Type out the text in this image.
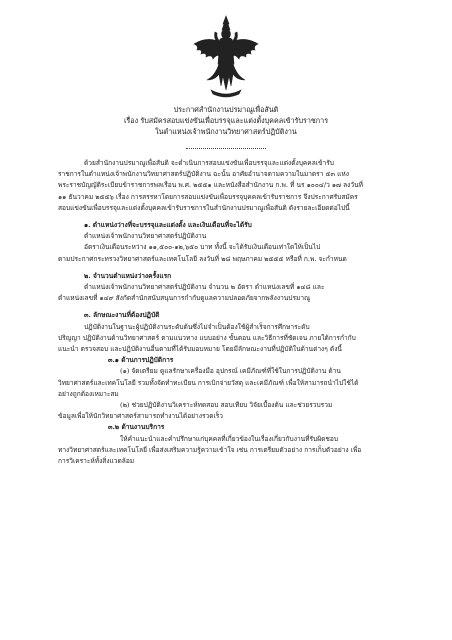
ประกาศสำนักงานปรมาณูเพื่อสันติ
เรื่อง รับสมัครสอบแข่งขันเพื่อบรรจุและแต่งตั้งบุคคลเข้ารับราชการ
ในตำแหน่งเจ้าพนักงานวิทยาศาสตร์ปฏิบัติงาน

ด้วยสำนักงานปรมาณูเพื่อสันติ จะดำเนินการสอบแข่งขันเพื่อบรรจุและแต่งตั้งบุคคลเข้ารับ

ราชการในตำแหน่งเจ้าพนักงานวิทยาศาสตร์ปฏิบัติงาน ฉะนั้น อาศัยอำนาจตามความในมาตรา ๕๓ แห่ง

พระราชบัญญัติระเบียบข้าราชการพลเรือน พ.ศ. ๒๕๕๑ และหนังสือสำนักงาน ก.พ. ที่ นร ๑๐๐๔/ว ๑๗ ลงวันที่

๑๑ ธันวาคม ๒๕๕๖ เรื่อง การสรรหาโดยการสอบแข่งขันเพื่อบรรจุบุคคลเข้ารับราชการ จึงประกาศรับสมัคร

สอบแข่งขันเพื่อบรรจุและแต่งตั้งบุคคลเข้ารับราชการในสำนักงานปรมาณูเพื่อสันติ ดังรายละเอียดต่อไปนี้

๑. ตำแหน่งว่างที่จะบรรจุและแต่งตั้ง และเงินเดือนที่จะได้รับ

ตำแหน่งเจ้าพนักงานวิทยาศาสตร์ปฏิบัติงาน

อัตราเงินเดือนระหว่าง ๑๑,๕๐๐-๑๒,๖๕๐ บาท ทั้งนี้ จะได้รับเงินเดือนเท่าใดให้เป็นไป

ตามประกาศกระทรวงวิทยาศาสตร์และเทคโนโลยี ลงวันที่ ๒๘ พฤษภาคม ๒๕๕๕ หรือที่ ก.พ. จะกำหนด

๒. จำนวนตำแหน่งว่างครั้งแรก

ตำแหน่งเจ้าพนักงานวิทยาศาสตร์ปฏิบัติงาน จำนวน ๒ อัตรา ตำแหน่งเลขที่ ๑๔๘ และ

ตำแหน่งเลขที่ ๑๔๙ สังกัดสำนักสนับสนุนการกำกับดูแลความปลอดภัยจากพลังงานปรมาณู

๓. ลักษณะงานที่ต้องปฏิบัติ

ปฏิบัติงานในฐานะผู้ปฏิบัติงานระดับต้นซึ่งไม่จำเป็นต้องใช้ผู้สำเร็จการศึกษาระดับ

ปริญญา ปฏิบัติงานด้านวิทยาศาสตร์ ตามแนวทาง แบบอย่าง ขั้นตอน และวิธีการที่ชัดเจน ภายใต้การกำกับ

แนะนำ ตรวจสอบ และปฏิบัติงานอื่นตามที่ได้รับมอบหมาย โดยมีลักษณะงานที่ปฏิบัติในด้านต่างๆ ดังนี้

๓.๑ ด้านการปฏิบัติการ

(๑) จัดเตรียม ดูแลรักษาเครื่องมือ อุปกรณ์ เคมีภัณฑ์ที่ใช้ในการปฏิบัติงาน ด้าน

วิทยาศาสตร์และเทคโนโลยี รวมทั้งจัดทำทะเบียน การเบิกจ่ายวัสดุ และเคมีภัณฑ์ เพื่อให้สามารถนำไปใช้ได้

อย่างถูกต้องเหมาะสม

(๒) ช่วยปฏิบัติงานวิเคราะห์ทดสอบ สอบเทียบ วิจัยเบื้องต้น และช่วยรวบรวม

ข้อมูลเพื่อให้นักวิทยาศาสตร์สามารถทำงานได้อย่างรวดเร็ว

๓.๒ ด้านงานบริการ

ให้คำแนะนำและคำปรึกษาแก่บุคคลที่เกี่ยวข้องในเรื่องเกี่ยวกับงานที่รับผิดชอบ

ทางวิทยาศาสตร์และเทคโนโลยี เพื่อส่งเสริมความรู้ความเข้าใจ เช่น การเตรียมตัวอย่าง การเก็บตัวอย่าง เพื่อ

การวิเคราะห์ทั้งสิ่งแวดล้อม
